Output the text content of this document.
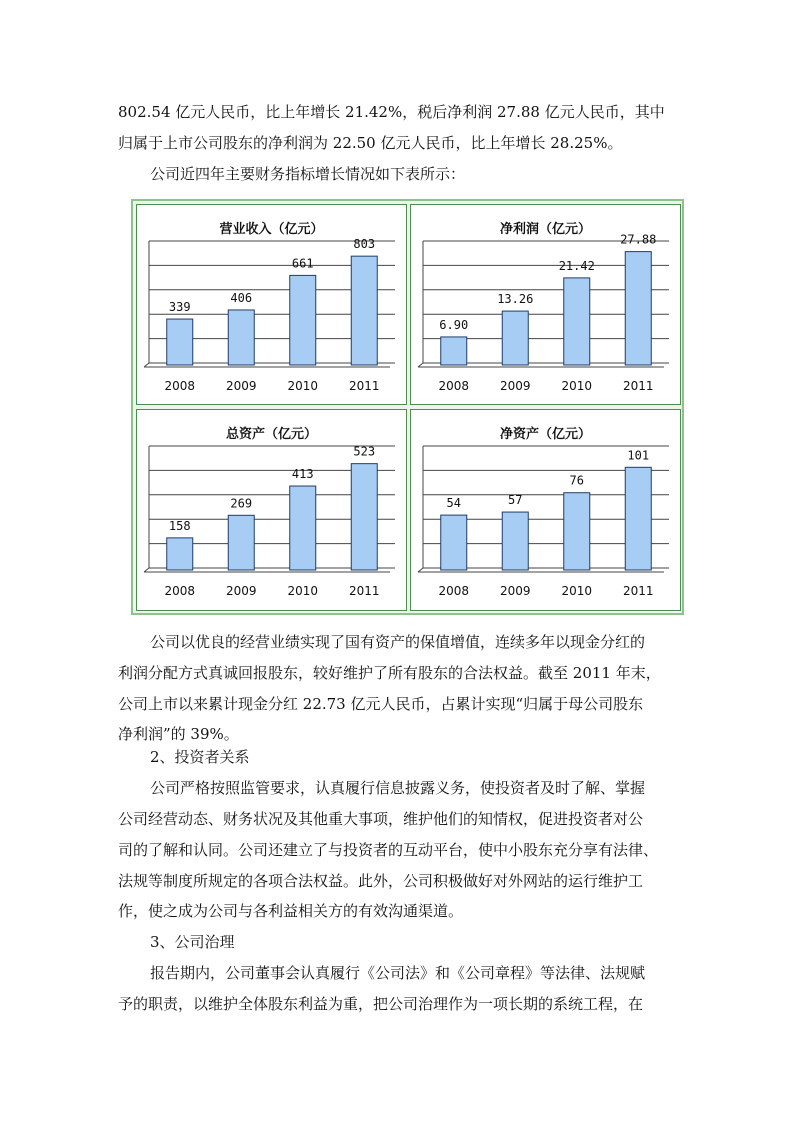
802.54 亿元人民币，比上年增长 21.42%，税后净利润 27.88 亿元人民币，其中
归属于上市公司股东的净利润为 22.50 亿元人民币，比上年增长 28.25%。
公司近四年主要财务指标增长情况如下表所示：
339
2008
406
2009
661
2010
803
2011
营业收入（亿元）
6.90
2008
13.26
2009
21.42
2010
27.88
2011
净利润（亿元）
158
2008
269
2009
413
2010
523
2011
总资产（亿元）
54
2008
57
2009
76
2010
101
2011
净资产（亿元）
公司以优良的经营业绩实现了国有资产的保值增值，连续多年以现金分红的
利润分配方式真诚回报股东，较好维护了所有股东的合法权益。截至 2011 年末，
公司上市以来累计现金分红 22.73 亿元人民币，占累计实现“归属于母公司股东
净利润”的 39%。
2、投资者关系
公司严格按照监管要求，认真履行信息披露义务，使投资者及时了解、掌握
公司经营动态、财务状况及其他重大事项，维护他们的知情权，促进投资者对公
司的了解和认同。公司还建立了与投资者的互动平台，使中小股东充分享有法律、
法规等制度所规定的各项合法权益。此外，公司积极做好对外网站的运行维护工
作，使之成为公司与各利益相关方的有效沟通渠道。
3、公司治理
报告期内，公司董事会认真履行《公司法》和《公司章程》等法律、法规赋
予的职责，以维护全体股东利益为重，把公司治理作为一项长期的系统工程，在
